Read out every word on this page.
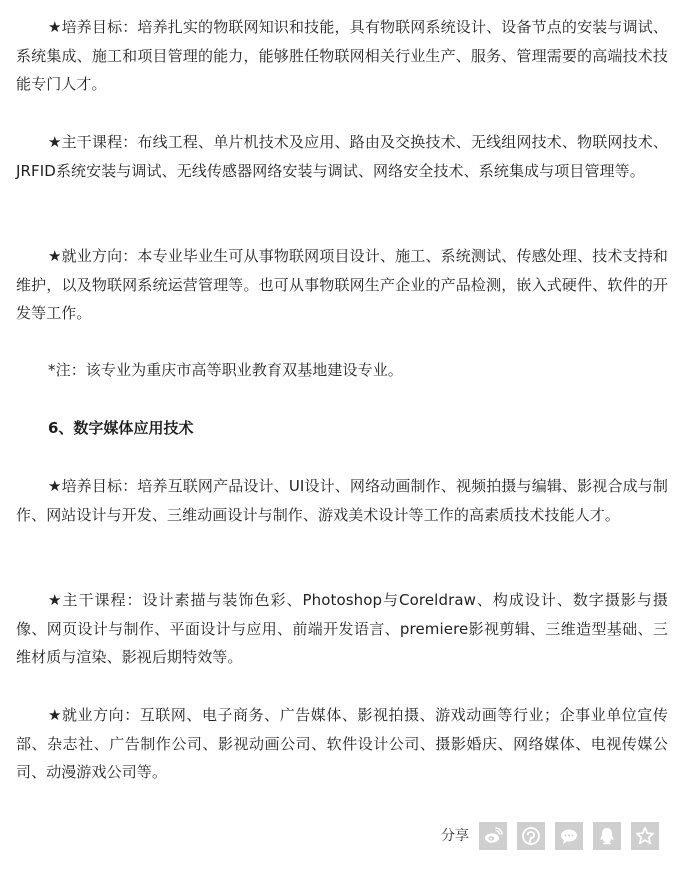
★培养目标：培养扎实的物联网知识和技能，具有物联网系统设计、设备节点的安装与调试、系统集成、施工和项目管理的能力，能够胜任物联网相关行业生产、服务、管理需要的高端技术技能专门人才。

★主干课程：布线工程、单片机技术及应用、路由及交换技术、无线组网技术、物联网技术、JRFID系统安装与调试、无线传感器网络安装与调试、网络安全技术、系统集成与项目管理等。

★就业方向：本专业毕业生可从事物联网项目设计、施工、系统测试、传感处理、技术支持和维护，以及物联网系统运营管理等。也可从事物联网生产企业的产品检测，嵌入式硬件、软件的开发等工作。

*注：该专业为重庆市高等职业教育双基地建设专业。

6、数字媒体应用技术

★培养目标：培养互联网产品设计、UI设计、网络动画制作、视频拍摄与编辑、影视合成与制作、网站设计与开发、三维动画设计与制作、游戏美术设计等工作的高素质技术技能人才。

★主干课程：设计素描与装饰色彩、Photoshop与Coreldraw、构成设计、数字摄影与摄像、网页设计与制作、平面设计与应用、前端开发语言、premiere影视剪辑、三维造型基础、三维材质与渲染、影视后期特效等。

★就业方向：互联网、电子商务、广告媒体、影视拍摄、游戏动画等行业；企事业单位宣传部、杂志社、广告制作公司、影视动画公司、软件设计公司、摄影婚庆、网络媒体、电视传媒公司、动漫游戏公司等。

分享
